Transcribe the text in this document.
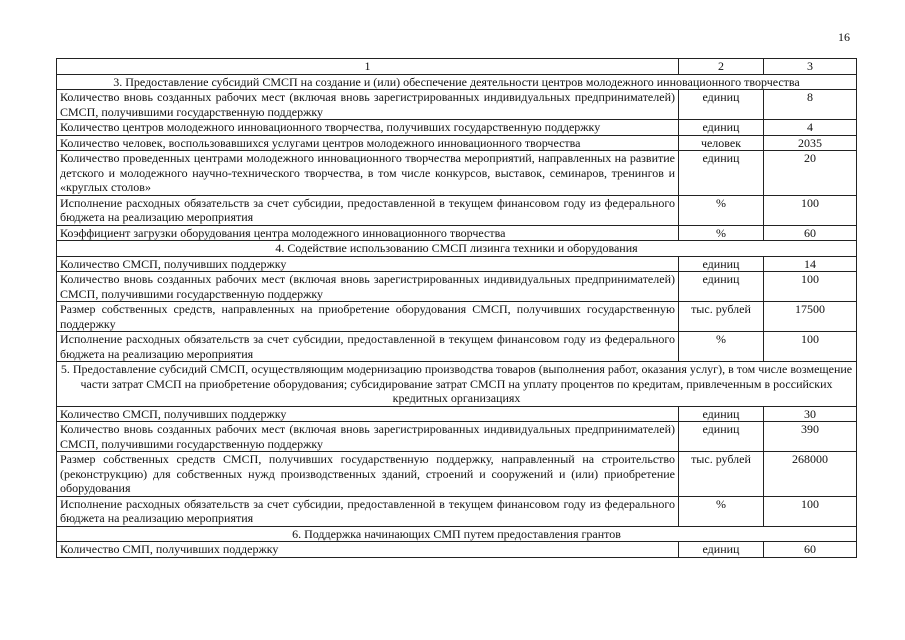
16
1	2	3
3. Предоставление субсидий СМСП на создание и (или) обеспечение деятельности центров молодежного инновационного творчества		
Количество вновь созданных рабочих мест (включая вновь зарегистрированных индивидуальных предпринимателей) СМСП, получившими государственную поддержку	единиц	8
Количество центров молодежного инновационного творчества, получивших государственную поддержку	единиц	4
Количество человек, воспользовавшихся услугами центров молодежного инновационного творчества	человек	2035
Количество проведенных центрами молодежного инновационного творчества мероприятий, направленных на развитие детского и молодежного научно-технического творчества, в том числе конкурсов, выставок, семинаров, тренингов и «круглых столов»	единиц	20
Исполнение расходных обязательств за счет субсидии, предоставленной в текущем финансовом году из федерального бюджета на реализацию мероприятия	%	100
Коэффициент загрузки оборудования центра молодежного инновационного творчества	%	60
4. Содействие использованию СМСП лизинга техники и оборудования		
Количество СМСП, получивших поддержку	единиц	14
Количество вновь созданных рабочих мест (включая вновь зарегистрированных индивидуальных предпринимателей) СМСП, получившими государственную поддержку	единиц	100
Размер собственных средств, направленных на приобретение оборудования СМСП, получивших государственную поддержку	тыс. рублей	17500
Исполнение расходных обязательств за счет субсидии, предоставленной в текущем финансовом году из федерального бюджета на реализацию мероприятия	%	100
5. Предоставление субсидий СМСП, осуществляющим модернизацию производства товаров (выполнения работ, оказания услуг), в том числе возмещение части затрат СМСП на приобретение оборудования; субсидирование затрат СМСП на уплату процентов по кредитам, привлеченным в российских кредитных организациях		
Количество СМСП, получивших поддержку	единиц	30
Количество вновь созданных рабочих мест (включая вновь зарегистрированных индивидуальных предпринимателей) СМСП, получившими государственную поддержку	единиц	390
Размер собственных средств СМСП, получивших государственную поддержку, направленный на строительство (реконструкцию) для собственных нужд производственных зданий, строений и сооружений и (или) приобретение оборудования	тыс. рублей	268000
Исполнение расходных обязательств за счет субсидии, предоставленной в текущем финансовом году из федерального бюджета на реализацию мероприятия	%	100
6. Поддержка начинающих СМП путем предоставления грантов		
Количество СМП, получивших поддержку	единиц	60
